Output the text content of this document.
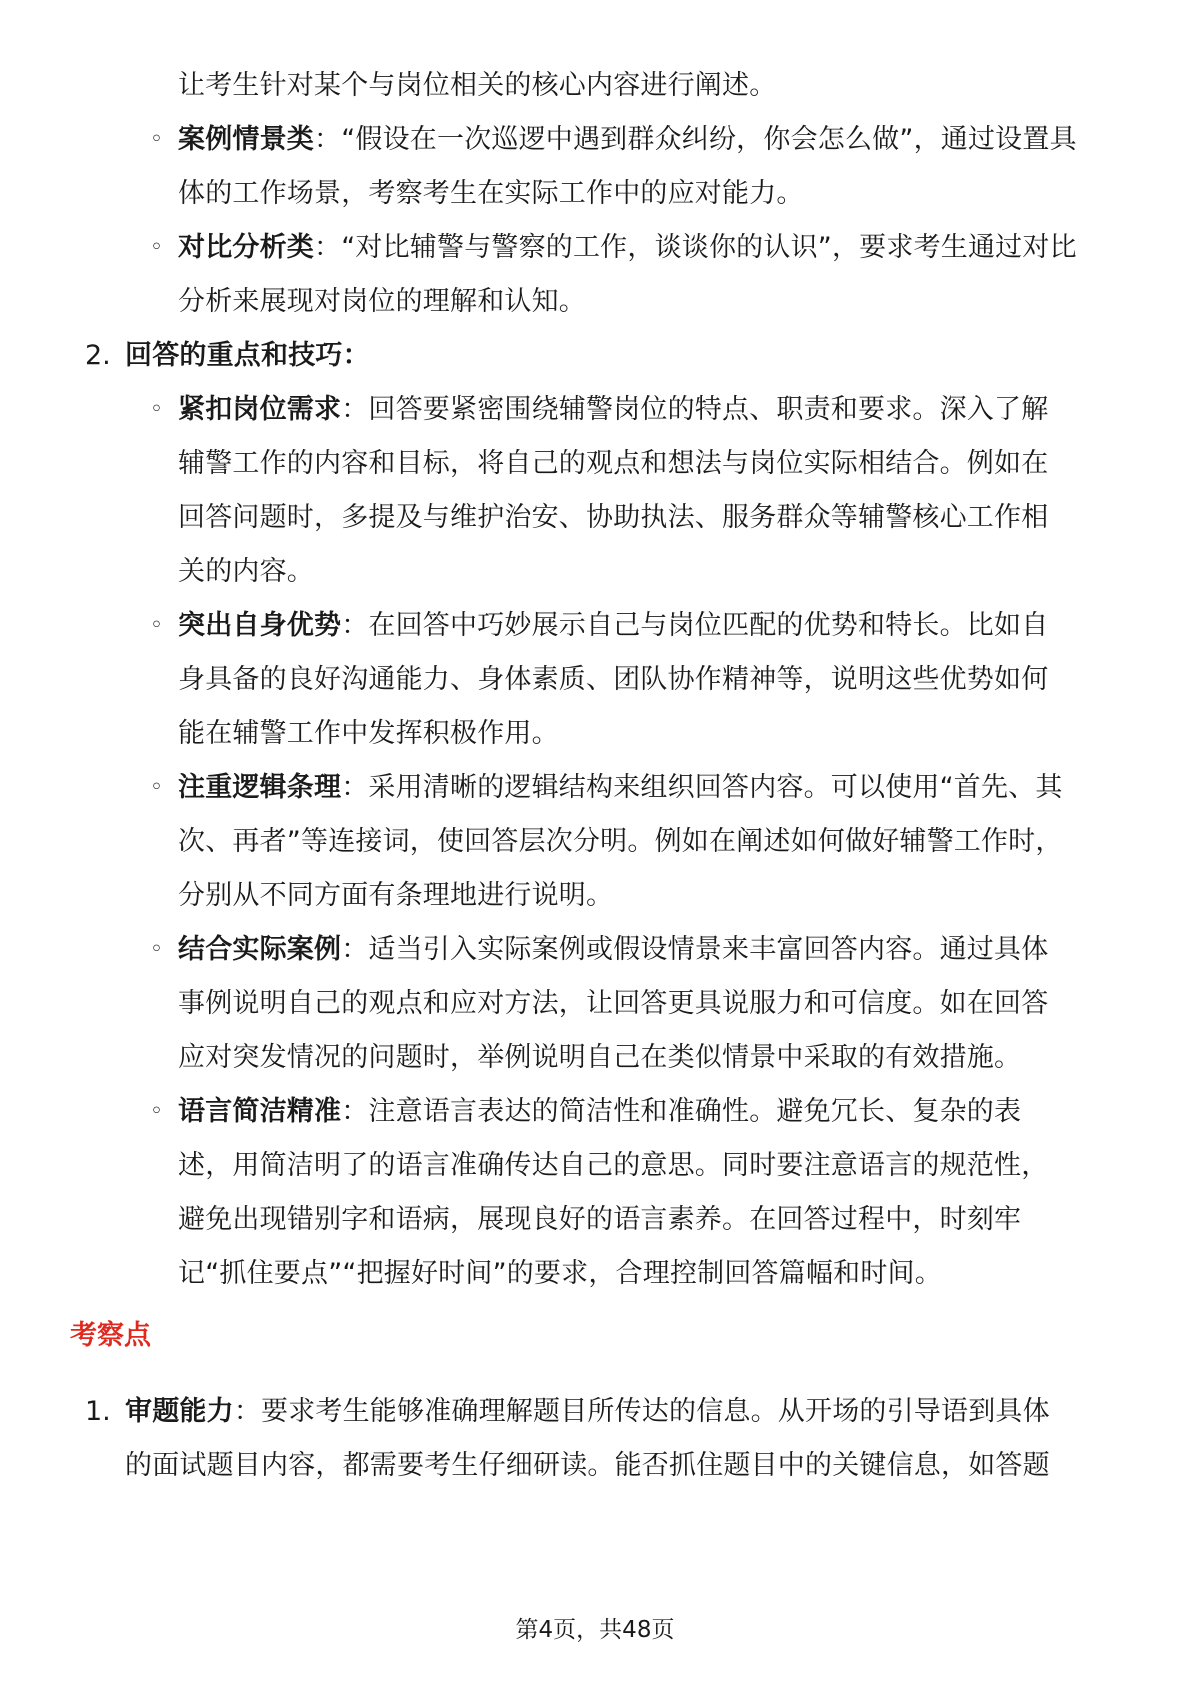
让考生针对某个与岗位相关的核心内容进行阐述。
◦ 案例情景类：“假设在一次巡逻中遇到群众纠纷，你会怎么做”，通过设置具
体的工作场景，考察考生在实际工作中的应对能力。
◦ 对比分析类：“对比辅警与警察的工作，谈谈你的认识”，要求考生通过对比
分析来展现对岗位的理解和认知。
2. 回答的重点和技巧：
◦ 紧扣岗位需求：回答要紧密围绕辅警岗位的特点、职责和要求。深入了解
辅警工作的内容和目标，将自己的观点和想法与岗位实际相结合。例如在
回答问题时，多提及与维护治安、协助执法、服务群众等辅警核心工作相
关的内容。
◦ 突出自身优势：在回答中巧妙展示自己与岗位匹配的优势和特长。比如自
身具备的良好沟通能力、身体素质、团队协作精神等，说明这些优势如何
能在辅警工作中发挥积极作用。
◦ 注重逻辑条理：采用清晰的逻辑结构来组织回答内容。可以使用“首先、其
次、再者”等连接词，使回答层次分明。例如在阐述如何做好辅警工作时，
分别从不同方面有条理地进行说明。
◦ 结合实际案例：适当引入实际案例或假设情景来丰富回答内容。通过具体
事例说明自己的观点和应对方法，让回答更具说服力和可信度。如在回答
应对突发情况的问题时，举例说明自己在类似情景中采取的有效措施。
◦ 语言简洁精准：注意语言表达的简洁性和准确性。避免冗长、复杂的表
述，用简洁明了的语言准确传达自己的意思。同时要注意语言的规范性，
避免出现错别字和语病，展现良好的语言素养。在回答过程中，时刻牢
记“抓住要点”“把握好时间”的要求，合理控制回答篇幅和时间。
考察点
1. 审题能力：要求考生能够准确理解题目所传达的信息。从开场的引导语到具体
的面试题目内容，都需要考生仔细研读。能否抓住题目中的关键信息，如答题
第4页，共48页
